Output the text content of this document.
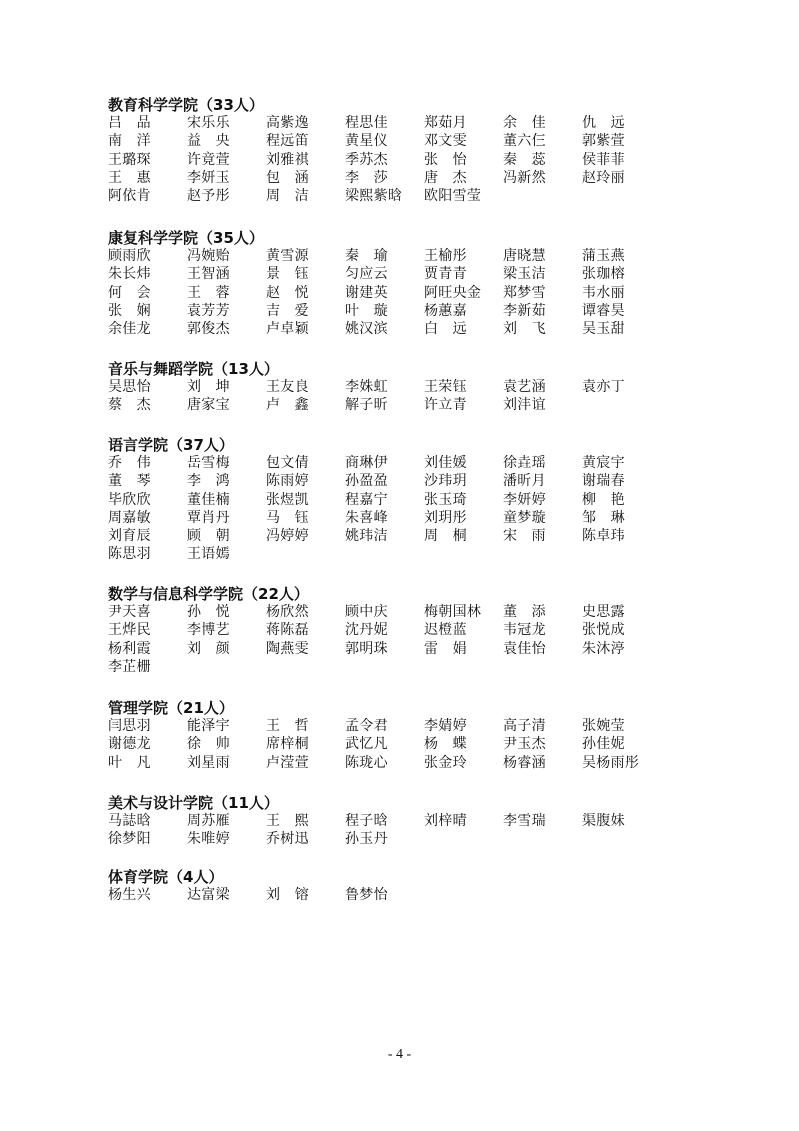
教育科学学院（33人）
吕　品	宋乐乐	高紫逸	程思佳	郑茹月	余　佳	仇　远
南　洋	益　央	程远笛	黄星仪	邓文雯	董六仨	郭紫萱
王璐琛	许竟萱	刘雅祺	季苏杰	张　怡	秦　蕊	侯菲菲
王　惠	李妍玉	包　涵	李　莎	唐　杰	冯新然	赵玲丽
阿依肯	赵予彤	周　洁	梁熙紫晗	欧阳雪莹
康复科学学院（35人）
顾雨欣	冯婉贻	黄雪源	秦　瑜	王榆彤	唐晓慧	蒲玉燕
朱长炜	王智涵	景　钰	匀应云	贾青青	梁玉洁	张珈榕
何　会	王　蓉	赵　悦	谢建英	阿旺央金	郑梦雪	韦水丽
张　娴	袁芳芳	吉　爱	叶　璇	杨蕙嘉	李新茹	谭睿昊
余佳龙	郭俊杰	卢卓颖	姚汉滨	白　远	刘　飞	吴玉甜
音乐与舞蹈学院（13人）
吴思怡	刘　坤	王友良	李姝虹	王荣钰	袁艺涵	袁亦丁
蔡　杰	唐家宝	卢　鑫	解子昕	许立青	刘沣谊
语言学院（37人）
乔　伟	岳雪梅	包文倩	商琳伊	刘佳媛	徐垚瑶	黄宸宇
董　琴	李　鸿	陈雨婷	孙盈盈	沙玮玥	潘昕月	谢瑞春
毕欣欣	董佳楠	张煜凯	程嘉宁	张玉琦	李妍婷	柳　艳
周嘉敏	覃肖丹	马　钰	朱喜峰	刘玥彤	童梦璇	邹　琳
刘育辰	顾　朝	冯婷婷	姚玮洁	周　桐	宋　雨	陈卓玮
陈思羽	王语嫣
数学与信息科学学院（22人）
尹天喜	孙　悦	杨欣然	顾中庆	梅朝国林	董　添	史思露
王烨民	李博艺	蒋陈磊	沈丹妮	迟橙蓝	韦冠龙	张悦成
杨利霞	刘　颜	陶燕雯	郭明珠	雷　娟	袁佳怡	朱沐渟
李芷栅
管理学院（21人）
闫思羽	能泽宇	王　哲	孟令君	李婧婷	高子清	张婉莹
谢德龙	徐　帅	席梓桐	武忆凡	杨　蝶	尹玉杰	孙佳妮
叶　凡	刘星雨	卢滢萱	陈珑心	张金玲	杨睿涵	吴杨雨彤
美术与设计学院（11人）
马誌晗	周苏雁	王　熙	程子晗	刘梓晴	李雪瑞	渠腹妹
徐梦阳	朱唯婷	乔树迅	孙玉丹
体育学院（4人）
杨生兴	达富梁	刘　镕	鲁梦怡
- 4 -
